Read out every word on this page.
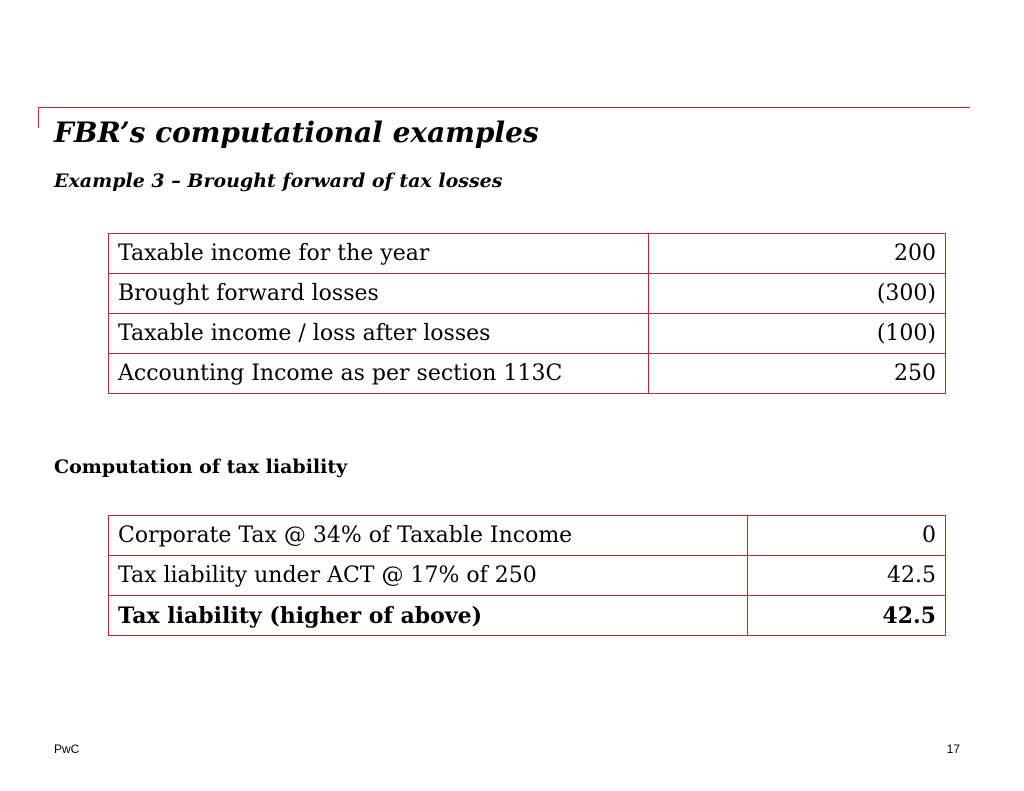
FBR’s computational examples
Example 3 – Brought forward of tax losses
Taxable income for the year	200
Brought forward losses	(300)
Taxable income / loss after losses	(100)
Accounting Income as per section 113C	250
Computation of tax liability
Corporate Tax @ 34% of Taxable Income	0
Tax liability under ACT @ 17% of 250	42.5
Tax liability (higher of above)	42.5
PwC	17
